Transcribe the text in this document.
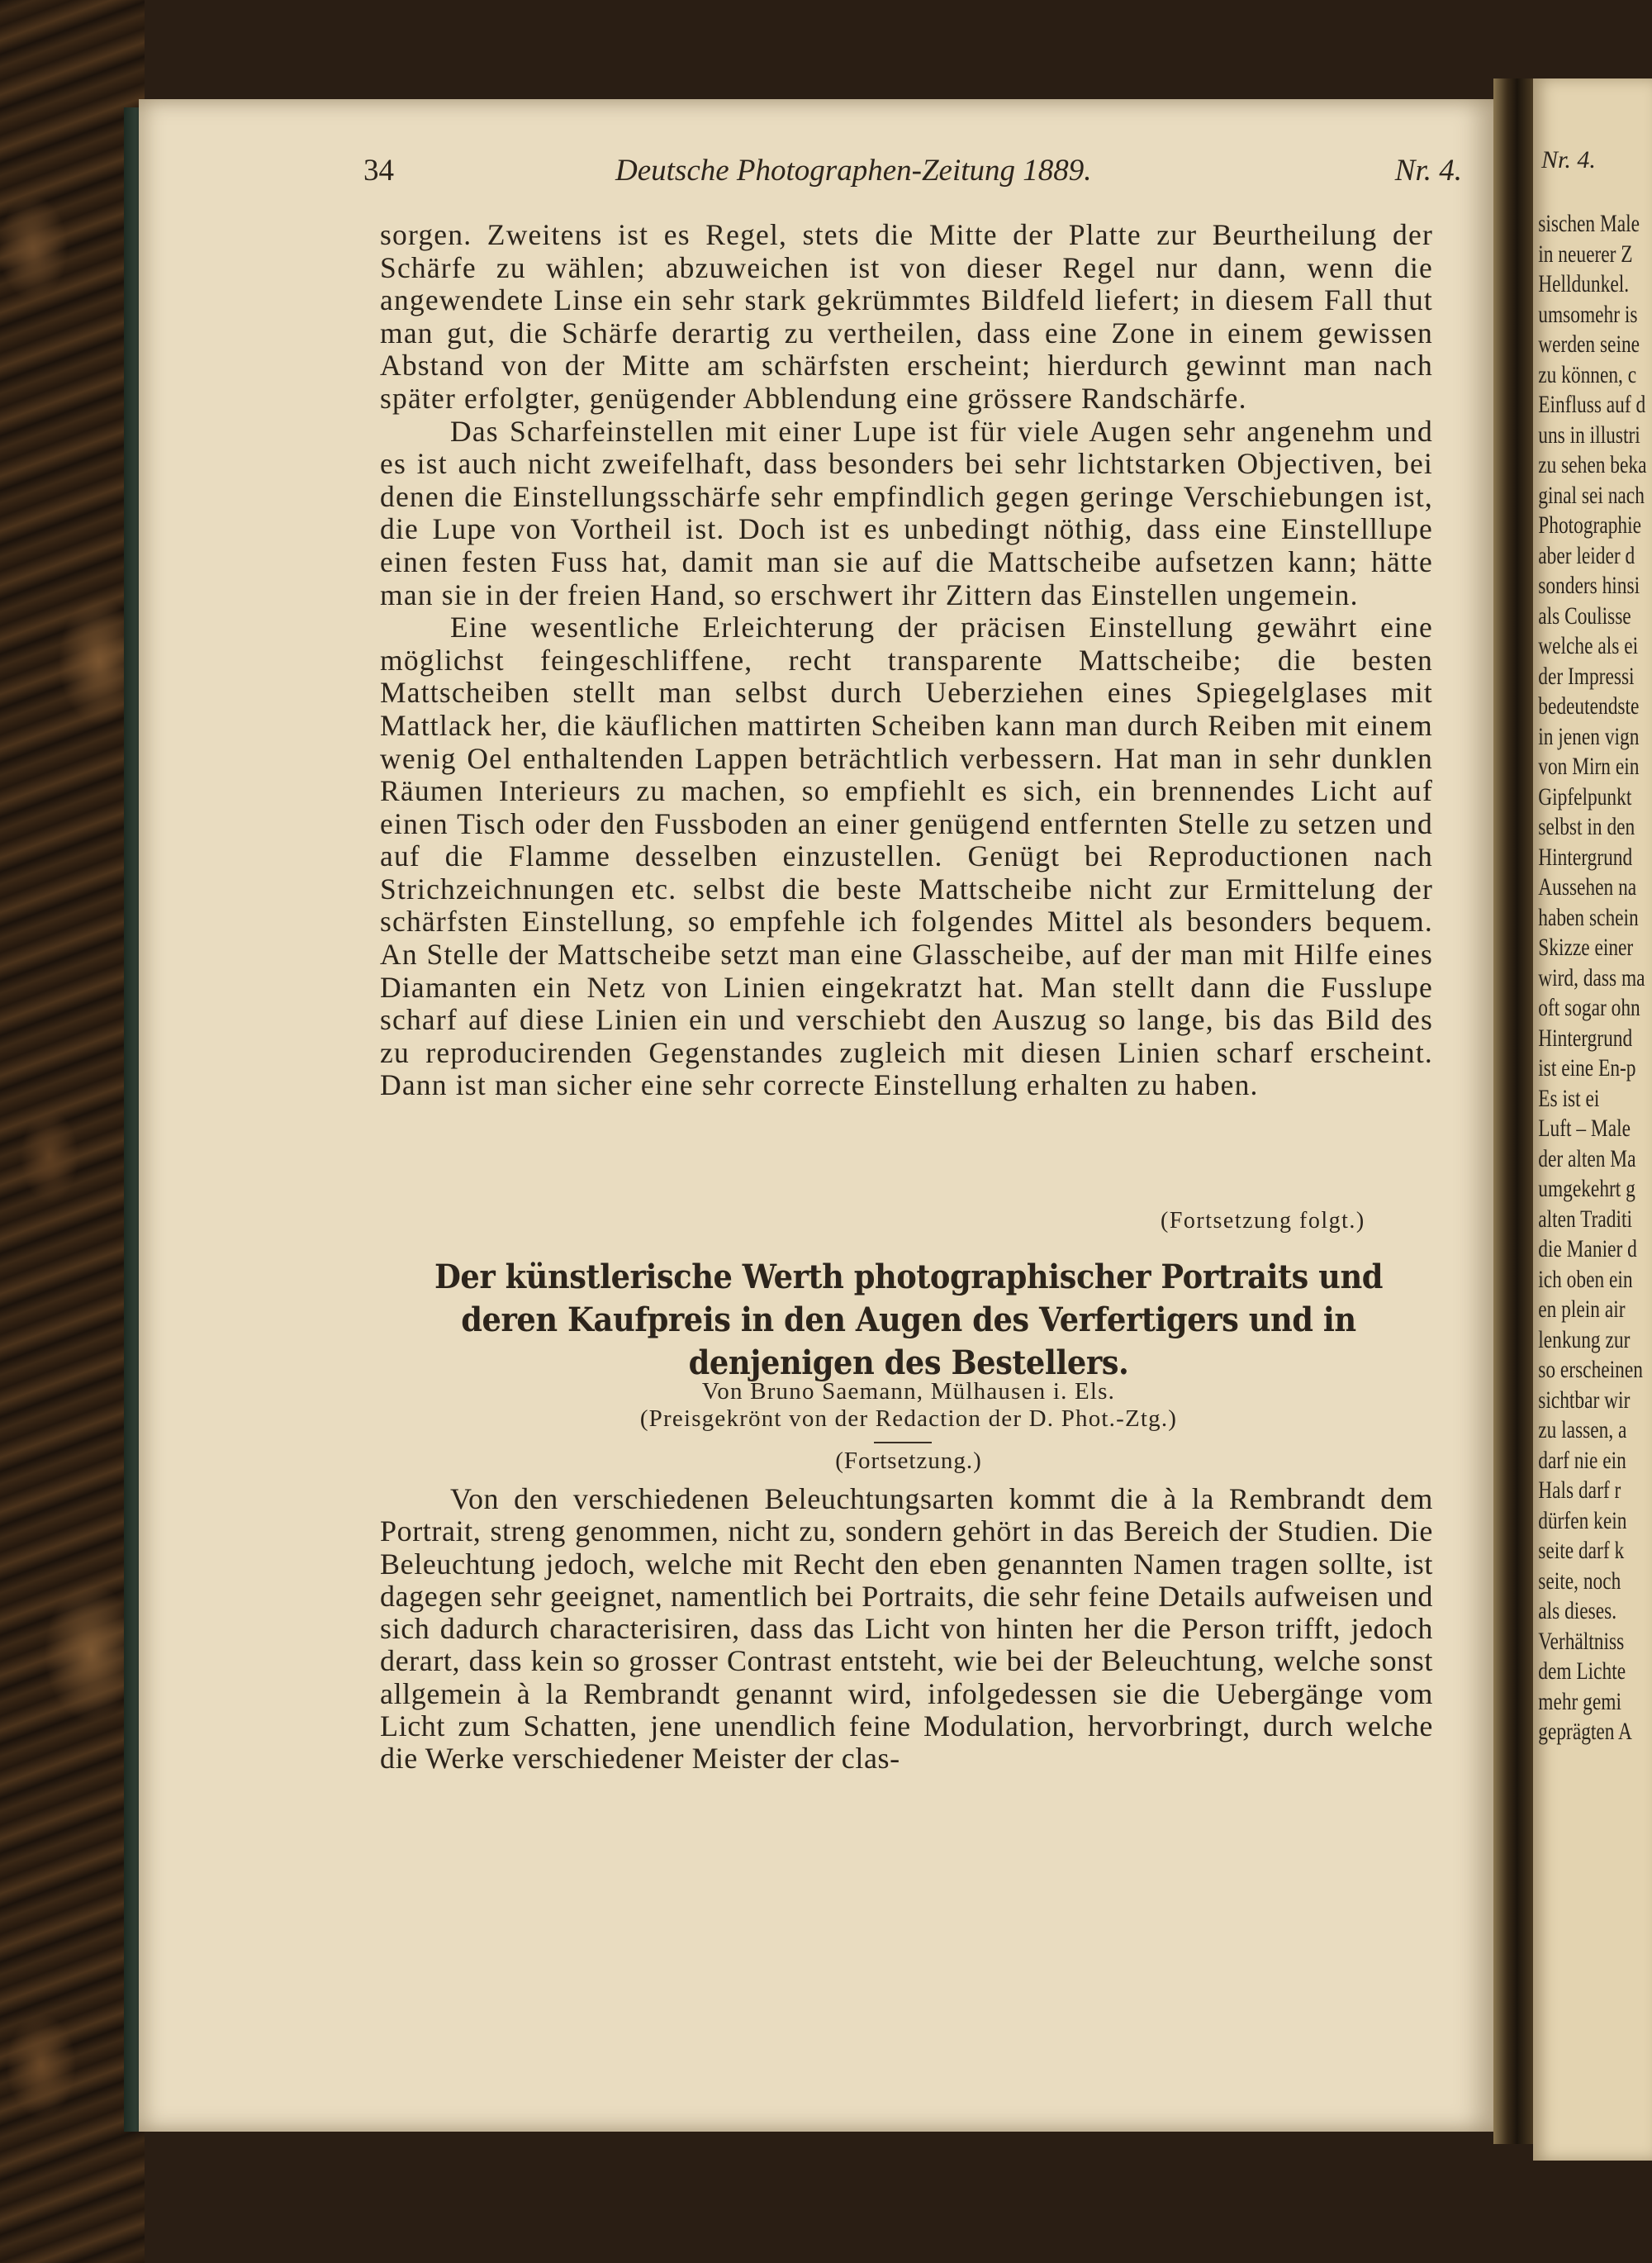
34	Deutsche Photographen-Zeitung 1889.	Nr. 4.

sorgen. Zweitens ist es Regel, stets die Mitte der Platte zur Beurtheilung der Schärfe zu wählen; abzuweichen ist von dieser Regel nur dann, wenn die angewendete Linse ein sehr stark gekrümmtes Bildfeld liefert; in diesem Fall thut man gut, die Schärfe derartig zu vertheilen, dass eine Zone in einem gewissen Abstand von der Mitte am schärfsten erscheint; hierdurch gewinnt man nach später erfolgter, genügender Abblendung eine grössere Randschärfe.

Das Scharfeinstellen mit einer Lupe ist für viele Augen sehr angenehm und es ist auch nicht zweifelhaft, dass besonders bei sehr lichtstarken Objectiven, bei denen die Einstellungsschärfe sehr empfindlich gegen geringe Verschiebungen ist, die Lupe von Vortheil ist. Doch ist es unbedingt nöthig, dass eine Einstelllupe einen festen Fuss hat, damit man sie auf die Mattscheibe aufsetzen kann; hätte man sie in der freien Hand, so erschwert ihr Zittern das Einstellen ungemein.

Eine wesentliche Erleichterung der präcisen Einstellung gewährt eine möglichst feingeschliffene, recht transparente Mattscheibe; die besten Mattscheiben stellt man selbst durch Ueberziehen eines Spiegelglases mit Mattlack her, die käuflichen mattirten Scheiben kann man durch Reiben mit einem wenig Oel enthaltenden Lappen beträchtlich verbessern. Hat man in sehr dunklen Räumen Interieurs zu machen, so empfiehlt es sich, ein brennendes Licht auf einen Tisch oder den Fussboden an einer genügend entfernten Stelle zu setzen und auf die Flamme desselben einzustellen. Genügt bei Reproductionen nach Strichzeichnungen etc. selbst die beste Mattscheibe nicht zur Ermittelung der schärfsten Einstellung, so empfehle ich folgendes Mittel als besonders bequem. An Stelle der Mattscheibe setzt man eine Glasscheibe, auf der man mit Hilfe eines Diamanten ein Netz von Linien eingekratzt hat. Man stellt dann die Fusslupe scharf auf diese Linien ein und verschiebt den Auszug so lange, bis das Bild des zu reproducirenden Gegenstandes zugleich mit diesen Linien scharf erscheint. Dann ist man sicher eine sehr correcte Einstellung erhalten zu haben.

(Fortsetzung folgt.)
Der künstlerische Werth photographischer Portraits und deren Kaufpreis in den Augen des Verfertigers und in denjenigen des Bestellers.
Von Bruno Saemann, Mülhausen i. Els.
(Preisgekrönt von der Redaction der D. Phot.-Ztg.)
(Fortsetzung.)

Von den verschiedenen Beleuchtungsarten kommt die à la Rembrandt dem Portrait, streng genommen, nicht zu, sondern gehört in das Bereich der Studien. Die Beleuchtung jedoch, welche mit Recht den eben genannten Namen tragen sollte, ist dagegen sehr geeignet, namentlich bei Portraits, die sehr feine Details aufweisen und sich dadurch characterisiren, dass das Licht von hinten her die Person trifft, jedoch derart, dass kein so grosser Contrast entsteht, wie bei der Beleuchtung, welche sonst allgemein à la Rembrandt genannt wird, infolgedessen sie die Uebergänge vom Licht zum Schatten, jene unendlich feine Modulation, hervorbringt, durch welche die Werke verschiedener Meister der clas-

Nr. 4.
sischen Male
in neuerer Z
Helldunkel.
umsomehr is
werden seine
zu können, c
Einfluss auf d
uns in illustri
zu sehen beka
ginal sei nach
Photographie
aber leider d
sonders hinsi
als Coulisse
welche als ei
der Impressi
bedeutendste
in jenen vign
von Mirn ein
Gipfelpunkt
selbst in den
Hintergrund
Aussehen na
haben schein
Skizze einer
wird, dass ma
oft sogar ohn
Hintergrund
ist eine En-p
Es ist ei
Luft – Male
der alten Ma
umgekehrt g
alten Traditi
die Manier d
ich oben ein
en plein air
lenkung zur
so erscheinen
sichtbar wir
zu lassen, a
darf nie ein
Hals darf r
dürfen kein
seite darf k
seite, noch
als dieses.
Verhältniss
dem Lichte
mehr gemi
geprägten A
